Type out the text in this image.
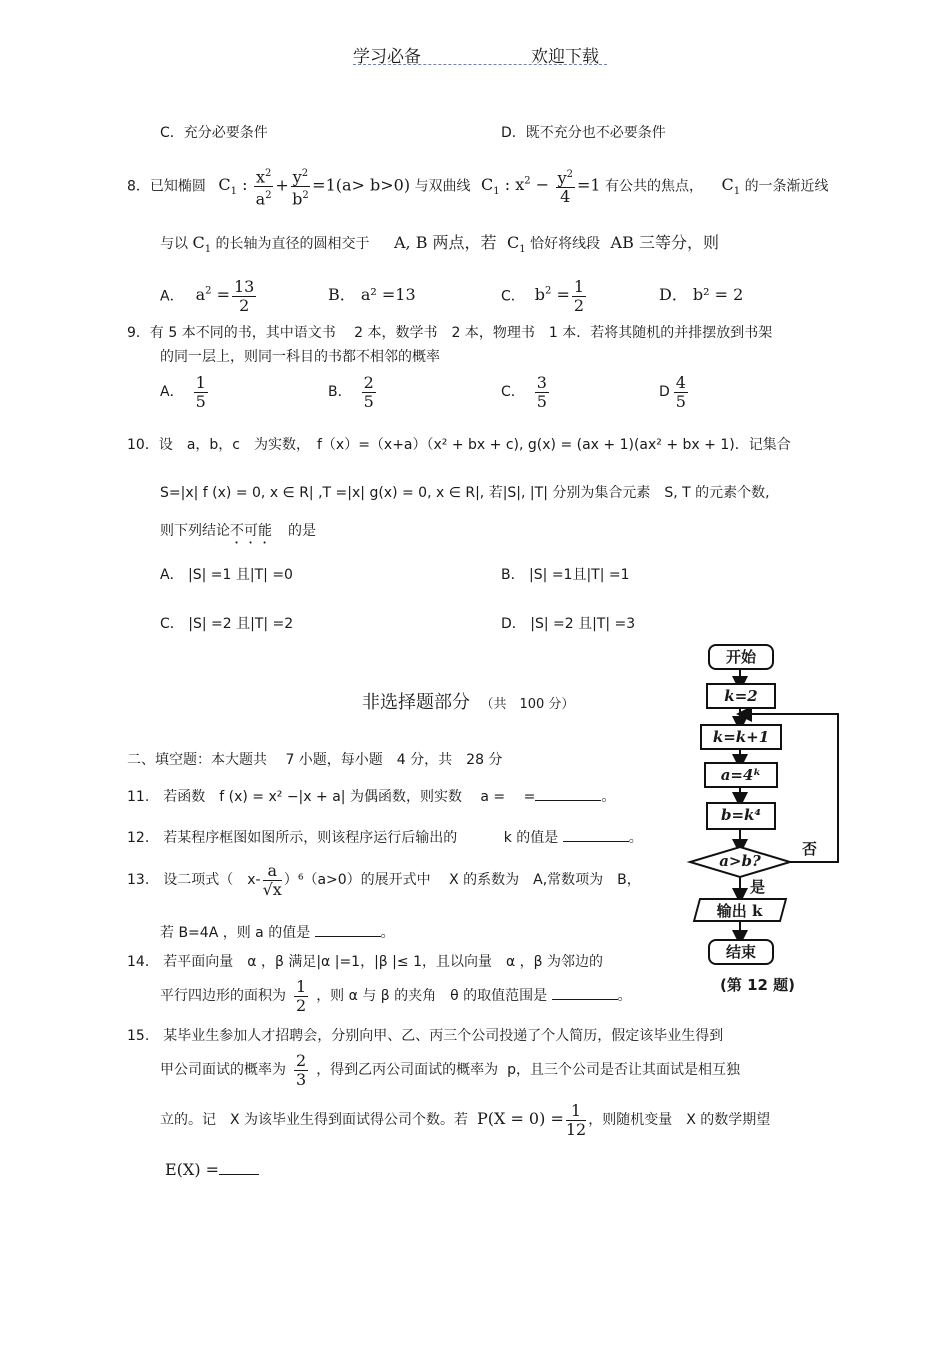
学习必备	欢迎下载
C．充分必要条件	D．既不充分也不必要条件
8．已知椭圆 $C_1$ : $\frac{x^2}{a^2} + \frac{y^2}{b^2} =1(a> b>0)$ 与双曲线 $C_1$ : $x^2 - \frac{y^2}{4} =1$ 有公共的焦点， $C_1$ 的一条渐近线
与以 $C_1$ 的长轴为直径的圆相交于 A, B 两点，若 $C_1$ 恰好将线段 AB 三等分，则
A． $a^2 = \frac{13}{2}$	B． a² =13	C． $b^2 = \frac{1}{2}$	D． b² = 2
9．有 5 本不同的书，其中语文书　 2 本，数学书　2 本，物理书　1 本．若将其随机的并排摆放到书架
的同一层上，则同一科目的书都不相邻的概率
A． $\frac{1}{5}$	B． $\frac{2}{5}$	C． $\frac{3}{5}$	D $\frac{4}{5}$
10．设　a，b，c　为实数，　f（x）=（x+a）（x² + bx + c), g(x) = (ax + 1)(ax² + bx + 1)．记集合
S=|x| f (x) = 0, x ∈ R| ,T =|x| g(x) = 0, x ∈ R|, 若|S|, |T| 分别为集合元素　S, T 的元素个数,
则下列结论不可能 的是
A． |S| =1 且|T| =0	B． |S| =1且|T| =1
C． |S| =2 且|T| =2	D． |S| =2 且|T| =3
非选择题部分 （共　100 分）
二、填空题：本大题共　 7 小题，每小题　4 分，共　28 分
11.　若函数　f (x) = x² −|x + a| 为偶函数，则实数　 a =　 =	。
12.　若某程序框图如图所示，则该程序运行后输出的　　　 k 的值是	。
13.　设二项式（　$x- \frac{a}{√x} )^6(a>0)$的展开式中　 X 的系数为　A,常数项为　B，
若 B=4A ，则 a 的值是	。
14.　若平面向量　α ，β 满足|α |=1，|β |≤ 1，且以向量　α ，β 为邻边的
平行四边形的面积为 $\frac{1}{2}$ ，则 α 与 β 的夹角　θ 的取值范围是	。
15.　某毕业生参加人才招聘会，分别向甲、乙、丙三个公司投递了个人简历，假定该毕业生得到
甲公司面试的概率为 $\frac{2}{3}$ ，得到乙丙公司面试的概率为 p，且三个公司是否让其面试是相互独
立的。记　X 为该毕业生得到面试得公司个数。若 $P(X = 0) = \frac{1}{12}$ ，则随机变量　X 的数学期望
E(X) =
开始
k=2
k=k+1
a=4ᵏ
b=k⁴
a>b?
否
是
输出 k
结束
(第 12 题)
